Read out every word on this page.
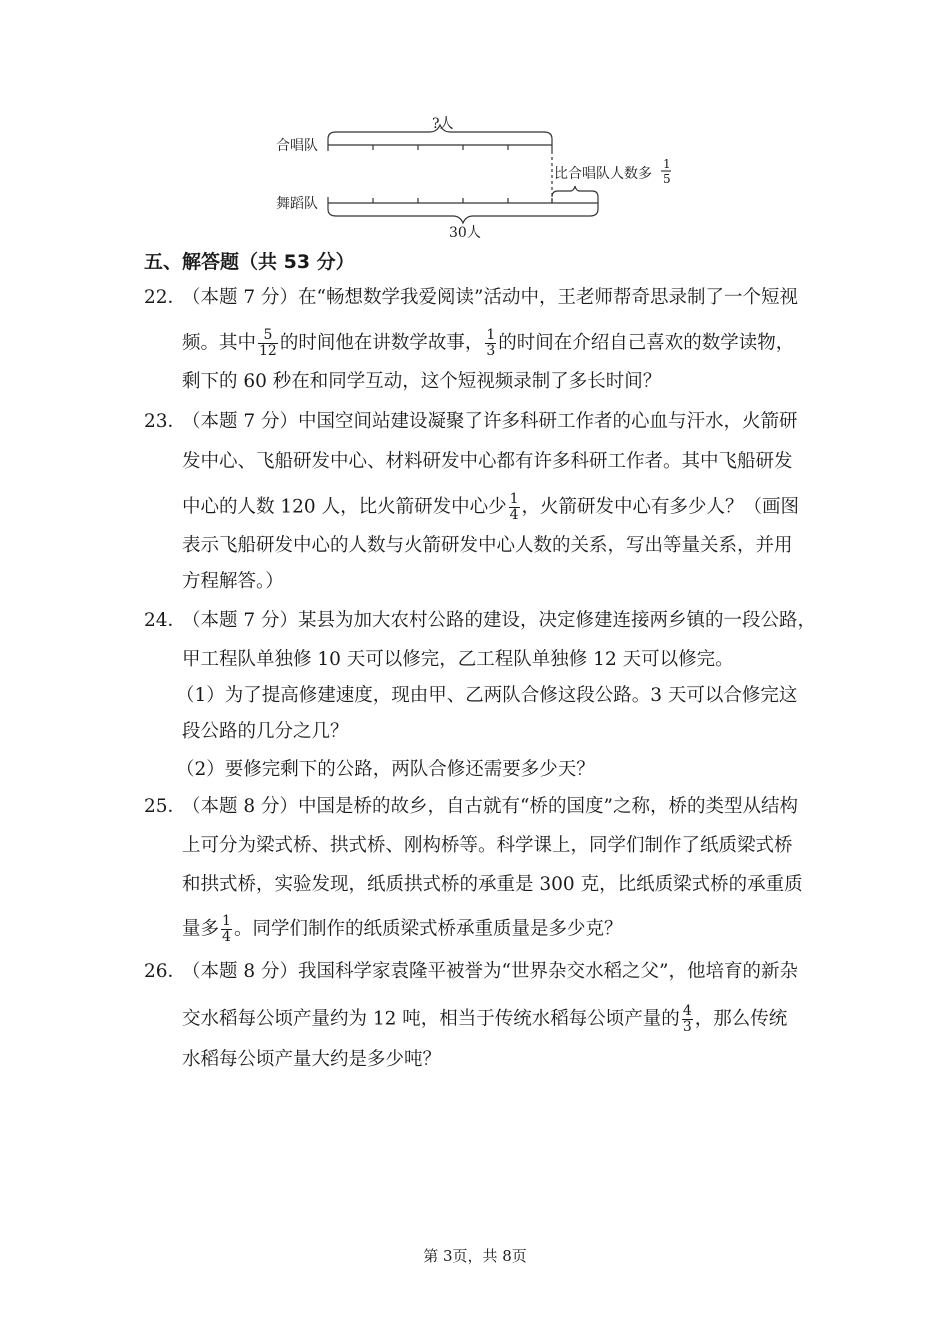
?人
合唱队
舞蹈队
比合唱队人数多
1
5
30人
五、解答题（共 53 分）
22．
（本题 7 分）在“畅想数学我爱阅读”活动中，王老师帮奇思录制了一个短视
频。其中 $\frac{5}{12}$ 的时间他在讲数学故事， $\frac{1}{3}$ 的时间在介绍自己喜欢的数学读物，
剩下的 60 秒在和同学互动，这个短视频录制了多长时间？
23．
（本题 7 分）中国空间站建设凝聚了许多科研工作者的心血与汗水，火箭研
发中心、飞船研发中心、材料研发中心都有许多科研工作者。其中飞船研发
中心的人数 120 人，比火箭研发中心少 $\frac{1}{4}$ ，火箭研发中心有多少人？（画图
表示飞船研发中心的人数与火箭研发中心人数的关系，写出等量关系，并用
方程解答。）
24．
（本题 7 分）某县为加大农村公路的建设，决定修建连接两乡镇的一段公路，
甲工程队单独修 10 天可以修完，乙工程队单独修 12 天可以修完。
（1）为了提高修建速度，现由甲、乙两队合修这段公路。3 天可以合修完这
段公路的几分之几？
（2）要修完剩下的公路，两队合修还需要多少天？
25．
（本题 8 分）中国是桥的故乡，自古就有“桥的国度”之称，桥的类型从结构
上可分为梁式桥、拱式桥、刚构桥等。科学课上，同学们制作了纸质梁式桥
和拱式桥，实验发现，纸质拱式桥的承重是 300 克，比纸质梁式桥的承重质
量多 $\frac{1}{4}$ 。同学们制作的纸质梁式桥承重质量是多少克？
26．
（本题 8 分）我国科学家袁隆平被誉为“世界杂交水稻之父”，他培育的新杂
交水稻每公顷产量约为 12 吨，相当于传统水稻每公顷产量的 $\frac{4}{3}$ ，那么传统
水稻每公顷产量大约是多少吨？
第 3页，共 8页
